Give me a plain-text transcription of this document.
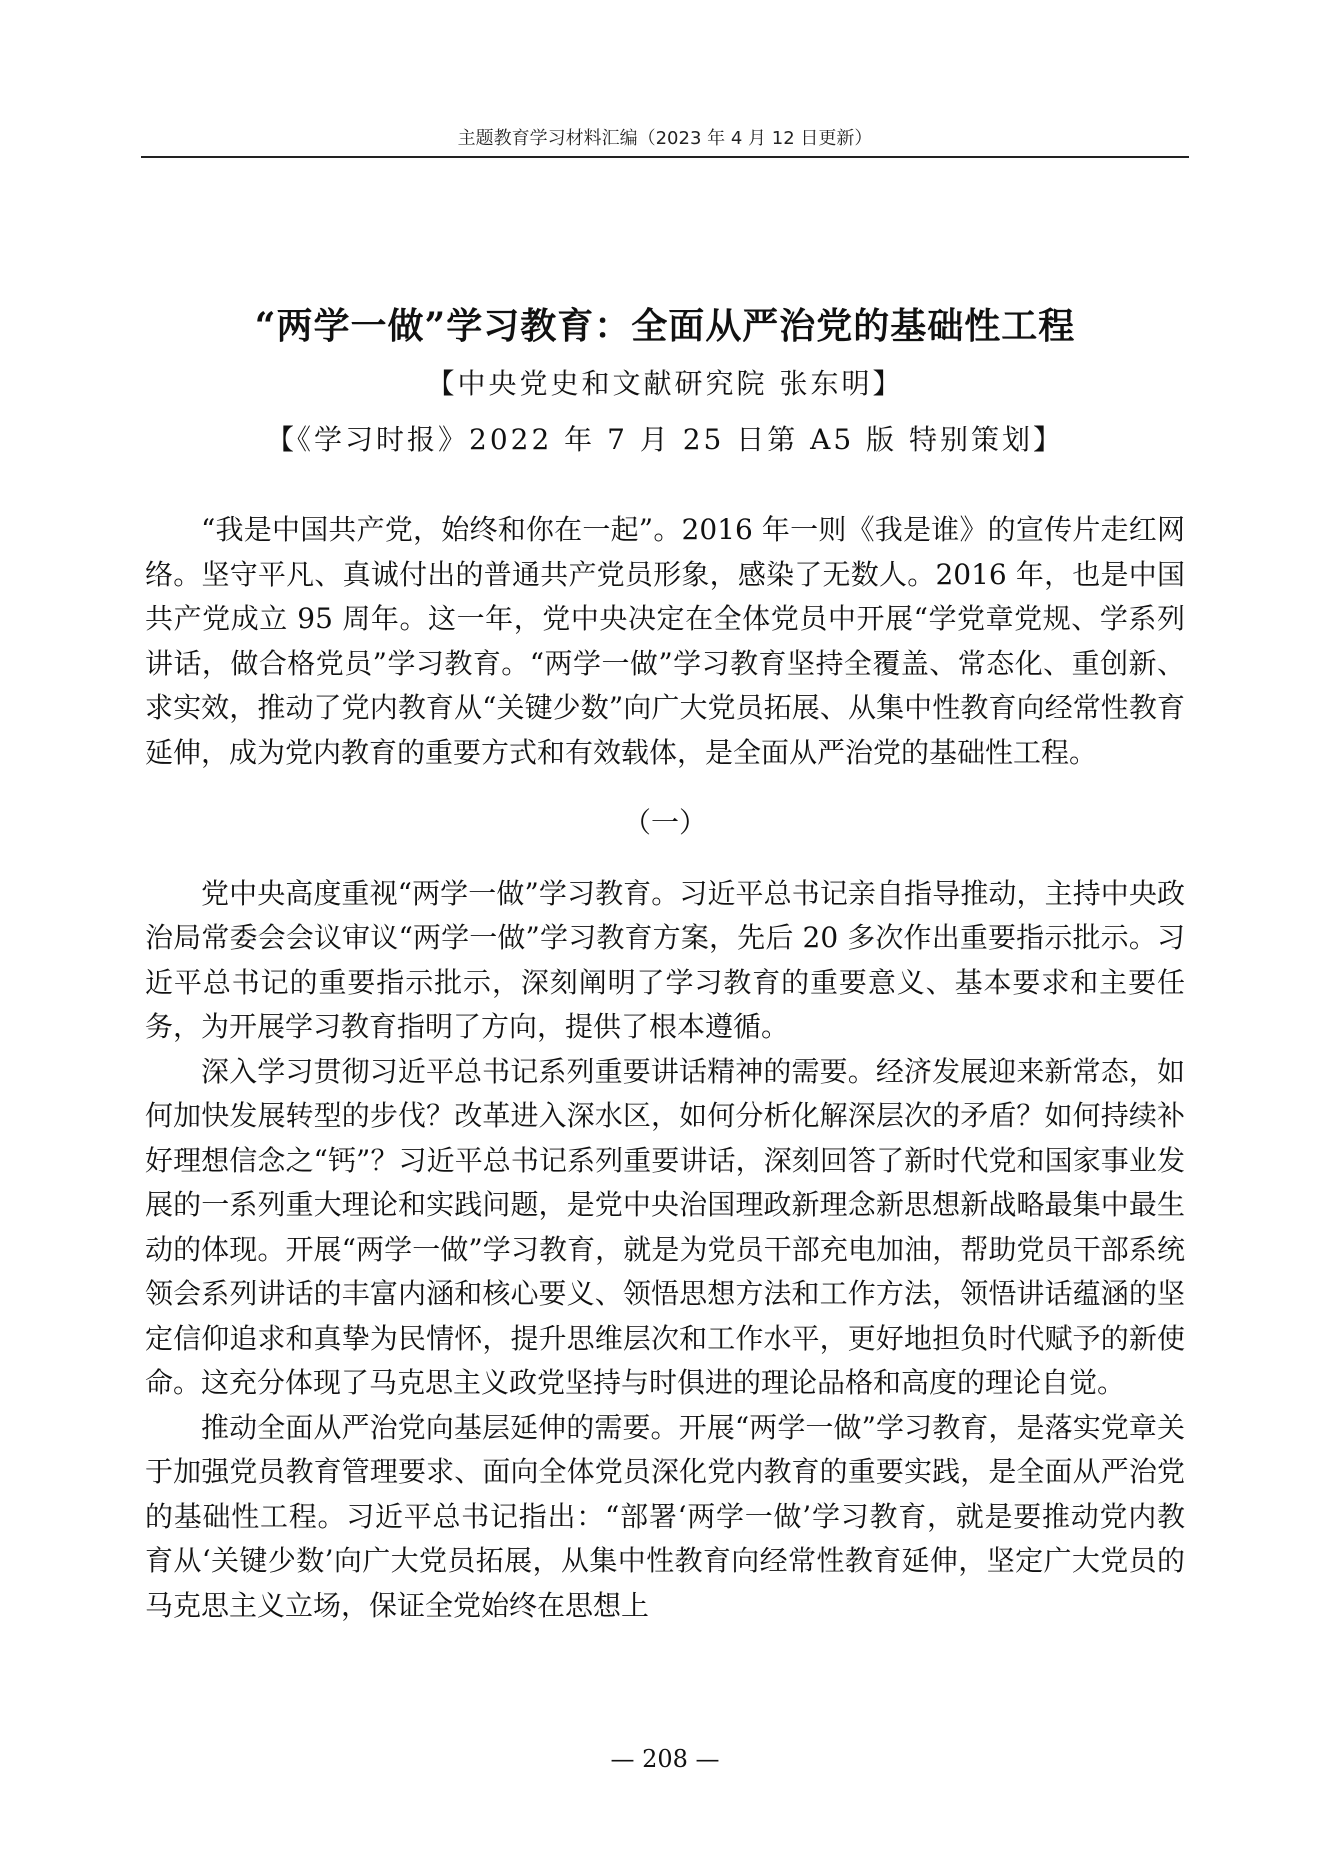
主题教育学习材料汇编（2023 年 4 月 12 日更新）
“两学一做”学习教育：全面从严治党的基础性工程
【中央党史和文献研究院 张东明】
【《学习时报》2022 年 7 月 25 日第 A5 版 特别策划】

“我是中国共产党，始终和你在一起”。2016 年一则《我是谁》的宣传片走红网络。坚守平凡、真诚付出的普通共产党员形象，感染了无数人。2016 年，也是中国共产党成立 95 周年。这一年，党中央决定在全体党员中开展“学党章党规、学系列讲话，做合格党员”学习教育。“两学一做”学习教育坚持全覆盖、常态化、重创新、求实效，推动了党内教育从“关键少数”向广大党员拓展、从集中性教育向经常性教育延伸，成为党内教育的重要方式和有效载体，是全面从严治党的基础性工程。

（一）

党中央高度重视“两学一做”学习教育。习近平总书记亲自指导推动，主持中央政治局常委会会议审议“两学一做”学习教育方案，先后 20 多次作出重要指示批示。习近平总书记的重要指示批示，深刻阐明了学习教育的重要意义、基本要求和主要任务，为开展学习教育指明了方向，提供了根本遵循。

深入学习贯彻习近平总书记系列重要讲话精神的需要。经济发展迎来新常态，如何加快发展转型的步伐？改革进入深水区，如何分析化解深层次的矛盾？如何持续补好理想信念之“钙”？习近平总书记系列重要讲话，深刻回答了新时代党和国家事业发展的一系列重大理论和实践问题，是党中央治国理政新理念新思想新战略最集中最生动的体现。开展“两学一做”学习教育，就是为党员干部充电加油，帮助党员干部系统领会系列讲话的丰富内涵和核心要义、领悟思想方法和工作方法，领悟讲话蕴涵的坚定信仰追求和真挚为民情怀，提升思维层次和工作水平，更好地担负时代赋予的新使命。这充分体现了马克思主义政党坚持与时俱进的理论品格和高度的理论自觉。

推动全面从严治党向基层延伸的需要。开展“两学一做”学习教育，是落实党章关于加强党员教育管理要求、面向全体党员深化党内教育的重要实践，是全面从严治党的基础性工程。习近平总书记指出：“部署‘两学一做’学习教育，就是要推动党内教育从‘关键少数’向广大党员拓展，从集中性教育向经常性教育延伸，坚定广大党员的马克思主义立场，保证全党始终在思想上

— 208 —
